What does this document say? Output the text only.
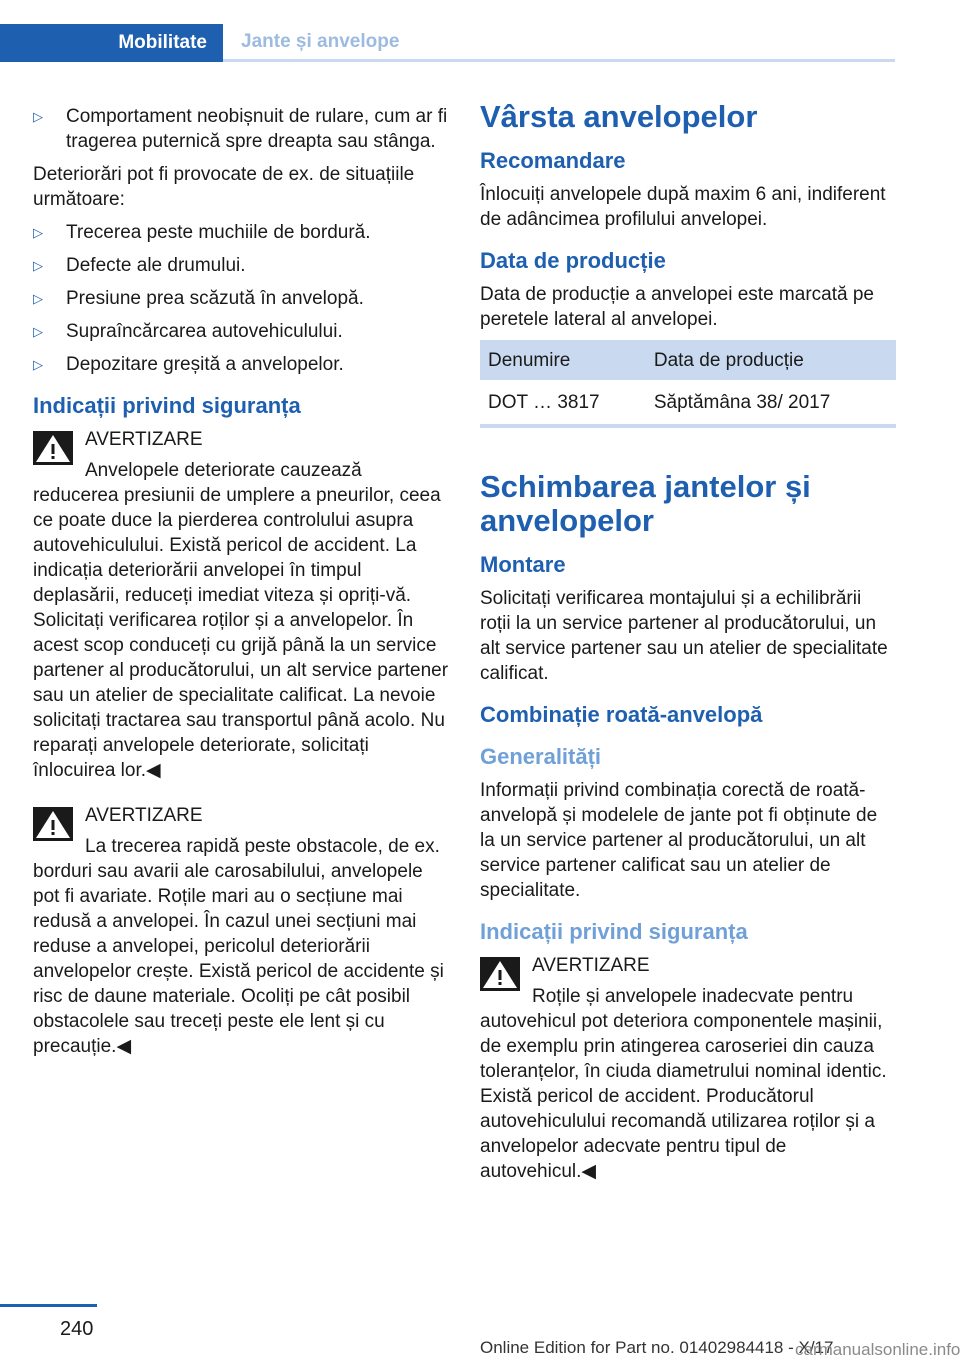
Mobilitate	Jante și anvelope
▷	Comportament neobișnuit de rulare, cum ar fi tragerea puternică spre dreapta sau stânga.

Deteriorări pot fi provocate de ex. de situațiile următoare:

▷	Trecerea peste muchiile de bordură.
▷	Defecte ale drumului.
▷	Presiune prea scăzută în anvelopă.
▷	Supraîncărcarea autovehiculului.
▷	Depozitare greșită a anvelopelor.
Indicații privind siguranța
AVERTIZARE
Anvelopele deteriorate cauzează reducerea presiunii de umplere a pneurilor, ceea ce poate duce la pierderea controlului asupra autovehiculului. Există pericol de accident. La indicația deteriorării anvelopei în timpul deplasării, reduceți imediat viteza și opriți-vă. Solicitați verificarea roților și a anvelopelor. În acest scop conduceți cu grijă până la un service partener al producătorului, un alt service partener sau un atelier de specialitate calificat. La nevoie solicitați tractarea sau transportul până acolo. Nu reparați anvelopele deteriorate, solicitați înlocuirea lor.◀
AVERTIZARE
La trecerea rapidă peste obstacole, de ex. borduri sau avarii ale carosabilului, anvelopele pot fi avariate. Roțile mari au o secțiune mai redusă a anvelopei. În cazul unei secțiuni mai reduse a anvelopei, pericolul deteriorării anvelopelor crește. Există pericol de accidente și risc de daune materiale. Ocoliți pe cât posibil obstacolele sau treceți peste ele lent și cu precauție.◀
Vârsta anvelopelor
Recomandare

Înlocuiți anvelopele după maxim 6 ani, indiferent de adâncimea profilului anvelopei.

Data de producție

Data de producție a anvelopei este marcată pe peretele lateral al anvelopei.

Denumire	Data de producție
DOT … 3817	Săptămâna 38/ 2017
Schimbarea jantelor și anvelopelor
Montare

Solicitați verificarea montajului și a echilibrării roții la un service partener al producătorului, un alt service partener sau un atelier de specialitate calificat.

Combinație roată-anvelopă
Generalități

Informații privind combinația corectă de roată-anvelopă și modelele de jante pot fi obținute de la un service partener al producătorului, un alt service partener calificat sau un atelier de specialitate.

Indicații privind siguranța
AVERTIZARE
Roțile și anvelopele inadecvate pentru autovehicul pot deteriora componentele mașinii, de exemplu prin atingerea caroseriei din cauza toleranțelor, în ciuda diametrului nominal identic. Există pericol de accident. Producătorul autovehiculului recomandă utilizarea roților și a anvelopelor adecvate pentru tipul de autovehicul.◀
240
Online Edition for Part no. 01402984418 - X/17
carmanualsonline.info
